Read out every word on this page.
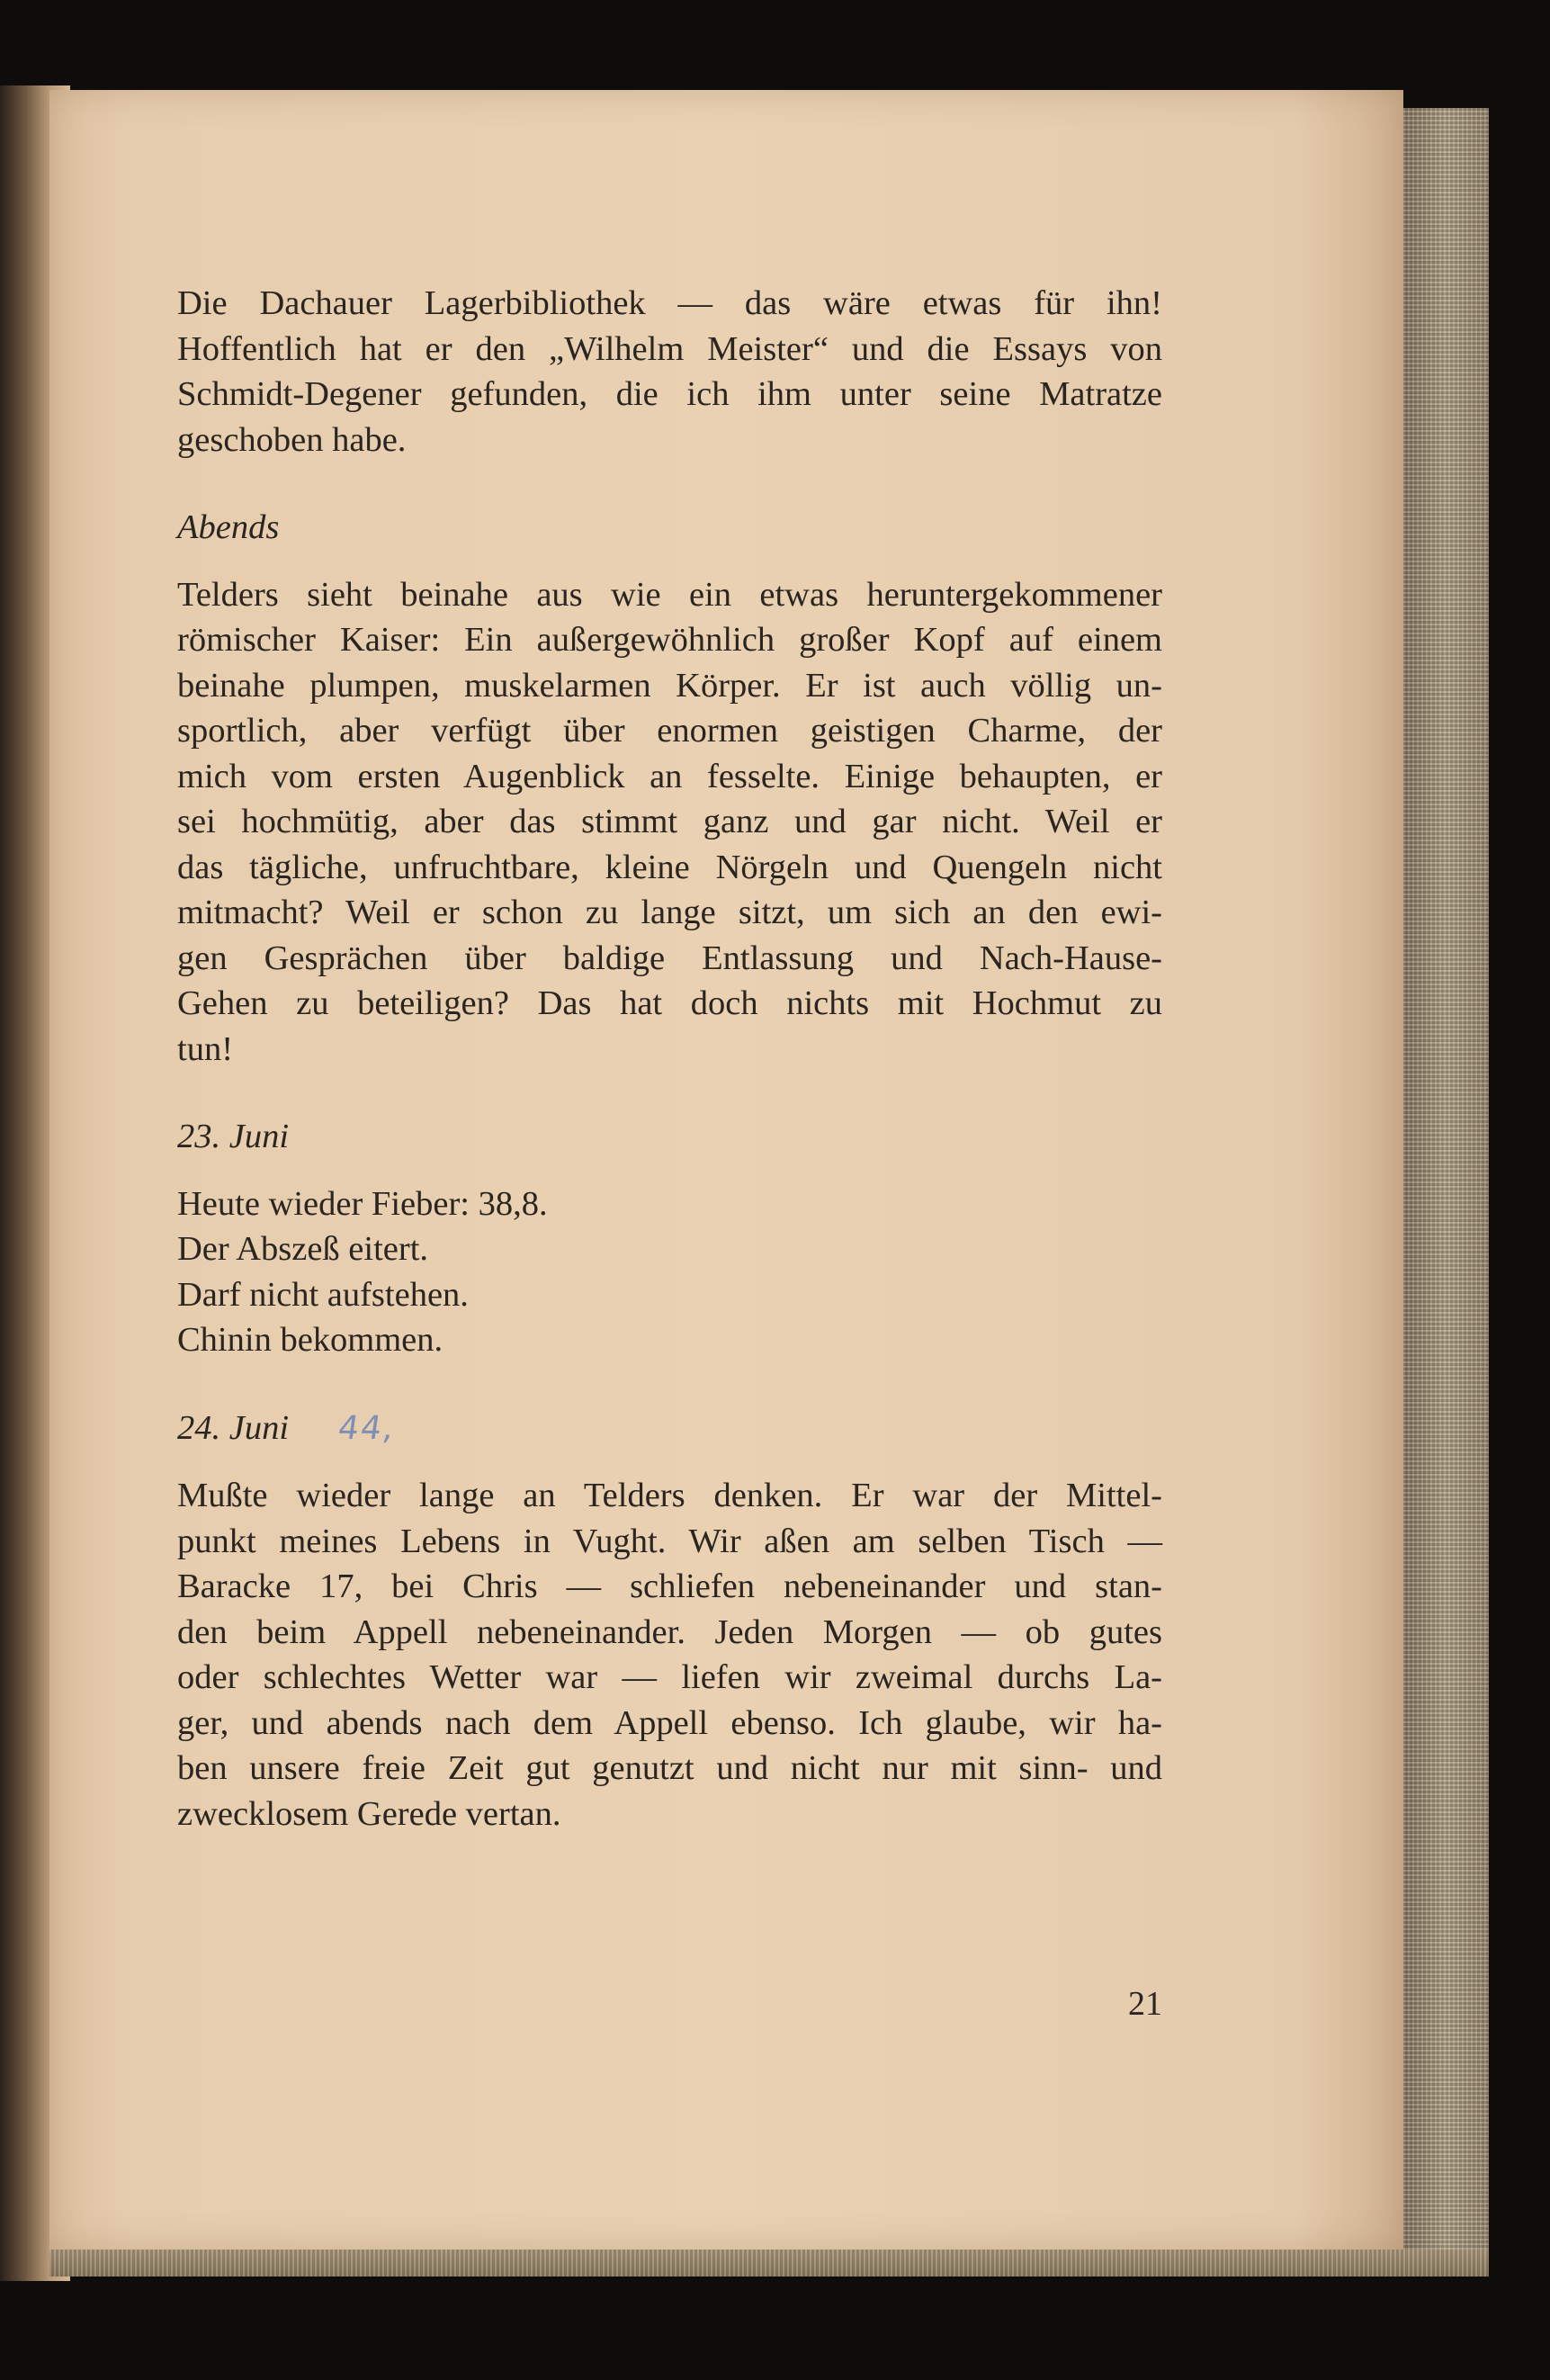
Die Dachauer Lagerbibliothek — das wäre etwas für ihn!
Hoffentlich hat er den „Wilhelm Meister“ und die Essays von
Schmidt-Degener gefunden, die ich ihm unter seine Matratze
geschoben habe.

Abends

Telders sieht beinahe aus wie ein etwas heruntergekommener
römischer Kaiser: Ein außergewöhnlich großer Kopf auf einem
beinahe plumpen, muskelarmen Körper. Er ist auch völlig un-
sportlich, aber verfügt über enormen geistigen Charme, der
mich vom ersten Augenblick an fesselte. Einige behaupten, er
sei hochmütig, aber das stimmt ganz und gar nicht. Weil er
das tägliche, unfruchtbare, kleine Nörgeln und Quengeln nicht
mitmacht? Weil er schon zu lange sitzt, um sich an den ewi-
gen Gesprächen über baldige Entlassung und Nach-Hause-
Gehen zu beteiligen? Das hat doch nichts mit Hochmut zu
tun!

23. Juni

Heute wieder Fieber: 38,8.
Der Abszeß eitert.
Darf nicht aufstehen.
Chinin bekommen.

24. Juni 44,

Mußte wieder lange an Telders denken. Er war der Mittel-
punkt meines Lebens in Vught. Wir aßen am selben Tisch —
Baracke 17, bei Chris — schliefen nebeneinander und stan-
den beim Appell nebeneinander. Jeden Morgen — ob gutes
oder schlechtes Wetter war — liefen wir zweimal durchs La-
ger, und abends nach dem Appell ebenso. Ich glaube, wir ha-
ben unsere freie Zeit gut genutzt und nicht nur mit sinn- und
zwecklosem Gerede vertan.

21
